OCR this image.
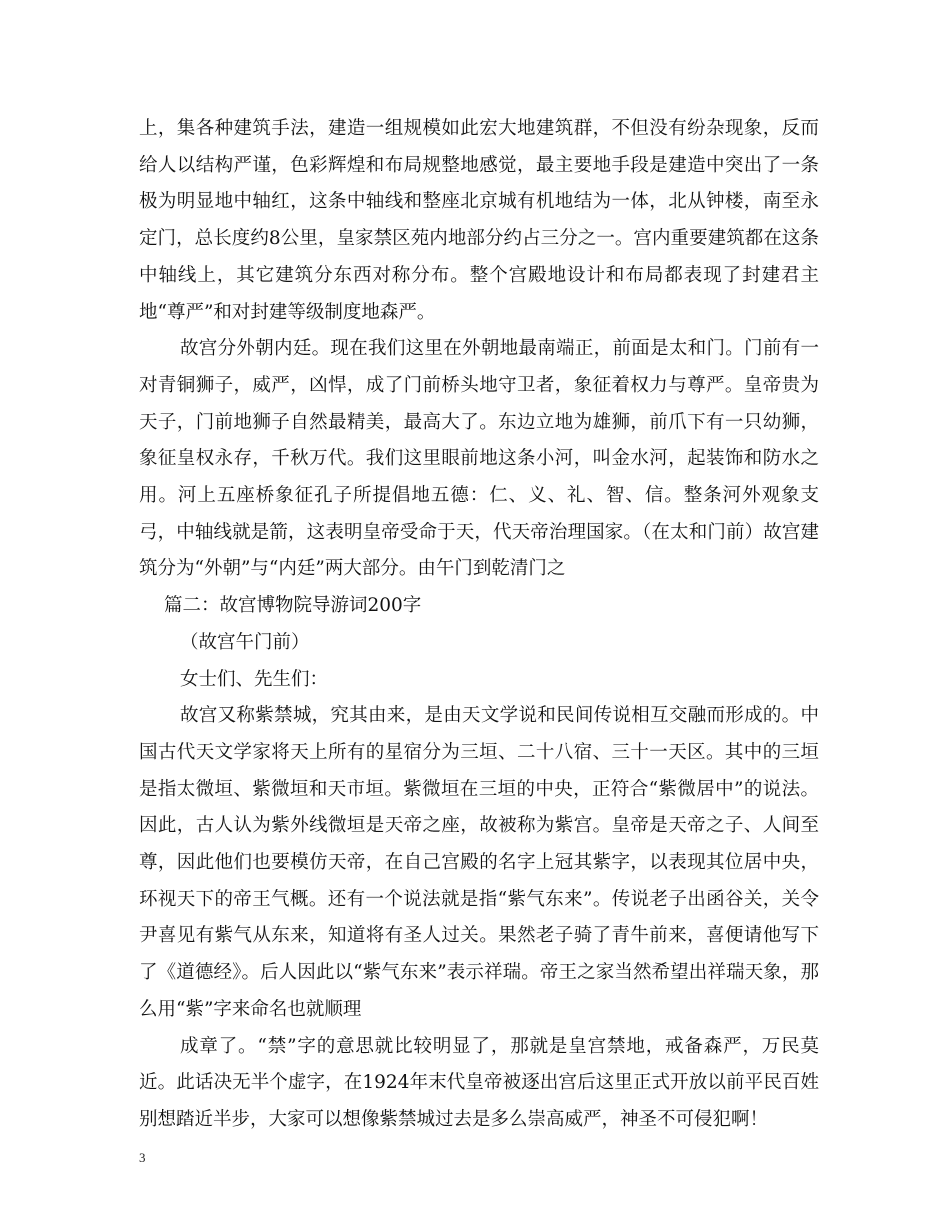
上，集各种建筑手法，建造一组规模如此宏大地建筑群，不但没有纷杂现象，反而给人以结构严谨，色彩辉煌和布局规整地感觉，最主要地手段是建造中突出了一条极为明显地中轴红，这条中轴线和整座北京城有机地结为一体，北从钟楼，南至永定门，总长度约8公里，皇家禁区苑内地部分约占三分之一。宫内重要建筑都在这条中轴线上，其它建筑分东西对称分布。整个宫殿地设计和布局都表现了封建君主地“尊严”和对封建等级制度地森严。

故宫分外朝内廷。现在我们这里在外朝地最南端正，前面是太和门。门前有一对青铜狮子，威严，凶悍，成了门前桥头地守卫者，象征着权力与尊严。皇帝贵为天子，门前地狮子自然最精美，最高大了。东边立地为雄狮，前爪下有一只幼狮，象征皇权永存，千秋万代。我们这里眼前地这条小河，叫金水河，起装饰和防水之用。河上五座桥象征孔子所提倡地五德：仁、义、礼、智、信。整条河外观象支弓，中轴线就是箭，这表明皇帝受命于天，代天帝治理国家。（在太和门前）故宫建筑分为“外朝”与“内廷”两大部分。由午门到乾清门之

篇二：故宫博物院导游词200字

（故宫午门前）

女士们、先生们：

故宫又称紫禁城，究其由来，是由天文学说和民间传说相互交融而形成的。中国古代天文学家将天上所有的星宿分为三垣、二十八宿、三十一天区。其中的三垣是指太微垣、紫微垣和天市垣。紫微垣在三垣的中央，正符合“紫微居中”的说法。因此，古人认为紫外线微垣是天帝之座，故被称为紫宫。皇帝是天帝之子、人间至尊，因此他们也要模仿天帝，在自己宫殿的名字上冠其紫字，以表现其位居中央，环视天下的帝王气概。还有一个说法就是指“紫气东来”。传说老子出函谷关，关令尹喜见有紫气从东来，知道将有圣人过关。果然老子骑了青牛前来，喜便请他写下了《道德经》。后人因此以“紫气东来”表示祥瑞。帝王之家当然希望出祥瑞天象，那么用“紫”字来命名也就顺理

成章了。“禁”字的意思就比较明显了，那就是皇宫禁地，戒备森严，万民莫近。此话决无半个虚字，在1924年末代皇帝被逐出宫后这里正式开放以前平民百姓别想踏近半步，大家可以想像紫禁城过去是多么崇高威严，神圣不可侵犯啊！

3
